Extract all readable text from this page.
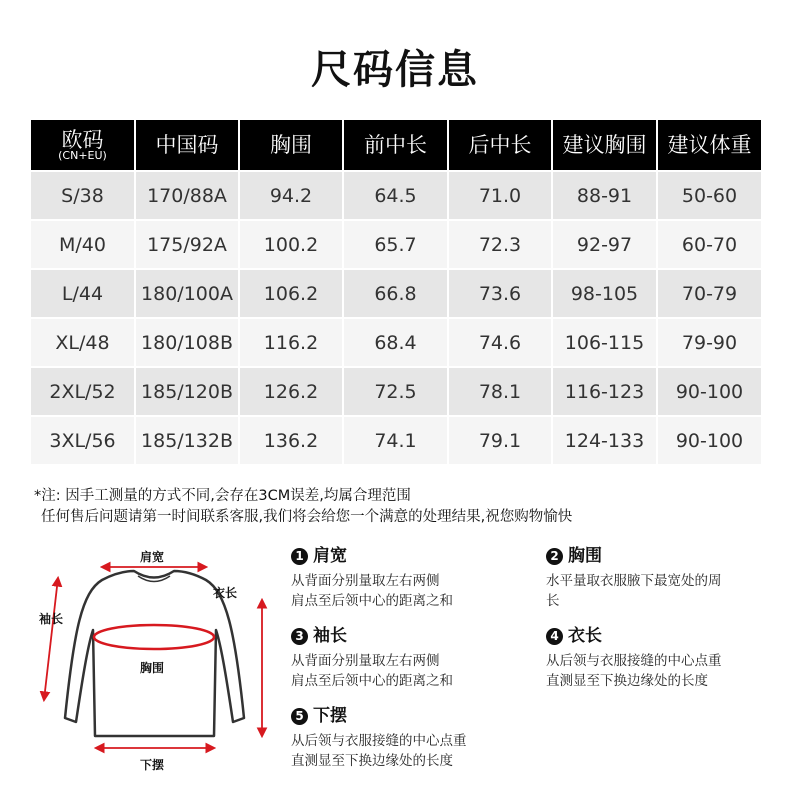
尺码信息
欧码
(CN+EU)	中国码	胸围	前中长	后中长	建议胸围	建议体重

S/38	170/88A	94.2	64.5	71.0	88-91	50-60
M/40	175/92A	100.2	65.7	72.3	92-97	60-70
L/44	180/100A	106.2	66.8	73.6	98-105	70-79
XL/48	180/108B	116.2	68.4	74.6	106-115	79-90
2XL/52	185/120B	126.2	72.5	78.1	116-123	90-100
3XL/56	185/132B	136.2	74.1	79.1	124-133	90-100
*注: 因手工测量的方式不同,会存在3CM误差,均属合理范围
任何售后问题请第一时间联系客服,我们将会给您一个满意的处理结果,祝您购物愉快
肩宽
衣长
袖长
胸围
下摆
1 肩宽
从背面分别量取左右两侧
肩点至后领中心的距离之和
2 胸围
水平量取衣服腋下最宽处的周
长
3 袖长
从背面分别量取左右两侧
肩点至后领中心的距离之和
4 衣长
从后领与衣服接缝的中心点重
直测显至下换边缘处的长度
5 下摆
从后领与衣服接缝的中心点重
直测显至下换边缘处的长度
